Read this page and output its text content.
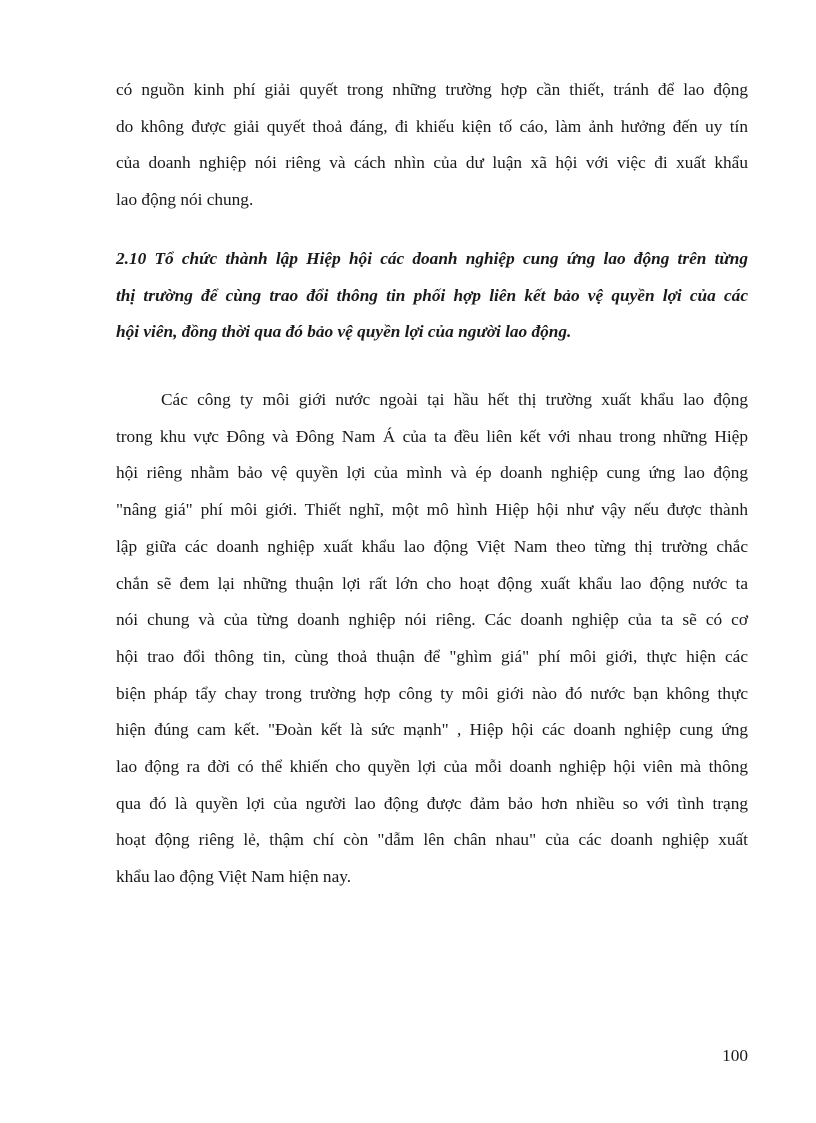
có nguồn kinh phí giải quyết trong những trường hợp cần thiết, tránh để lao động
do không được giải quyết thoả đáng, đi khiếu kiện tố cáo, làm ảnh hưởng đến uy tín
của doanh nghiệp nói riêng và cách nhìn của dư luận xã hội với việc đi xuất khẩu
lao động nói chung.
2.10 Tổ chức thành lập Hiệp hội các doanh nghiệp cung ứng lao động trên từng
thị trường để cùng trao đổi thông tin phối hợp liên kết bảo vệ quyền lợi của các
hội viên, đồng thời qua đó bảo vệ quyền lợi của người lao động.
Các công ty môi giới nước ngoài tại hầu hết thị trường xuất khẩu lao động
trong khu vực Đông và Đông Nam Á của ta đều liên kết với nhau trong những Hiệp
hội riêng nhằm bảo vệ quyền lợi của mình và ép doanh nghiệp cung ứng lao động
"nâng giá" phí môi giới. Thiết nghĩ, một mô hình Hiệp hội như vậy nếu được thành
lập giữa các doanh nghiệp xuất khẩu lao động Việt Nam theo từng thị trường chắc
chắn sẽ đem lại những thuận lợi rất lớn cho hoạt động xuất khẩu lao động nước ta
nói chung và của từng doanh nghiệp nói riêng. Các doanh nghiệp của ta sẽ có cơ
hội trao đổi thông tin, cùng thoả thuận để "ghìm giá" phí môi giới, thực hiện các
biện pháp tẩy chay trong trường hợp công ty môi giới nào đó nước bạn không thực
hiện đúng cam kết. "Đoàn kết là sức mạnh" , Hiệp hội các doanh nghiệp cung ứng
lao động ra đời có thể khiến cho quyền lợi của mỗi doanh nghiệp hội viên mà thông
qua đó là quyền lợi của người lao động được đảm bảo hơn nhiều so với tình trạng
hoạt động riêng lẻ, thậm chí còn "dẫm lên chân nhau" của các doanh nghiệp xuất
khẩu lao động Việt Nam hiện nay.
100
